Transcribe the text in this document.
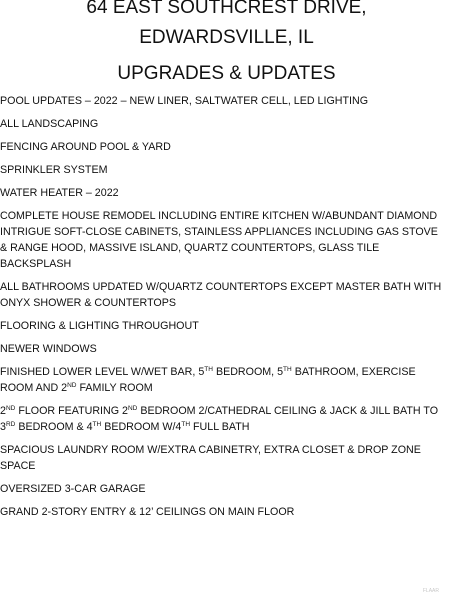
64 EAST SOUTHCREST DRIVE,
EDWARDSVILLE, IL
UPGRADES & UPDATES
POOL UPDATES – 2022 – NEW LINER, SALTWATER CELL, LED LIGHTING
ALL LANDSCAPING
FENCING AROUND POOL & YARD
SPRINKLER SYSTEM
WATER HEATER – 2022
COMPLETE HOUSE REMODEL INCLUDING ENTIRE KITCHEN W/ABUNDANT DIAMOND INTRIGUE SOFT-CLOSE CABINETS, STAINLESS APPLIANCES INCLUDING GAS STOVE & RANGE HOOD, MASSIVE ISLAND, QUARTZ COUNTERTOPS, GLASS TILE BACKSPLASH
ALL BATHROOMS UPDATED W/QUARTZ COUNTERTOPS EXCEPT MASTER BATH WITH ONYX SHOWER & COUNTERTOPS
FLOORING & LIGHTING THROUGHOUT
NEWER WINDOWS
FINISHED LOWER LEVEL W/WET BAR, 5TH BEDROOM, 5TH BATHROOM, EXERCISE ROOM AND 2ND FAMILY ROOM
2ND FLOOR FEATURING 2ND BEDROOM 2/CATHEDRAL CEILING & JACK & JILL BATH TO 3RD BEDROOM & 4TH BEDROOM W/4TH FULL BATH
SPACIOUS LAUNDRY ROOM W/EXTRA CABINETRY, EXTRA CLOSET & DROP ZONE SPACE
OVERSIZED 3-CAR GARAGE
GRAND 2-STORY ENTRY & 12’ CEILINGS ON MAIN FLOOR
FLAAR
